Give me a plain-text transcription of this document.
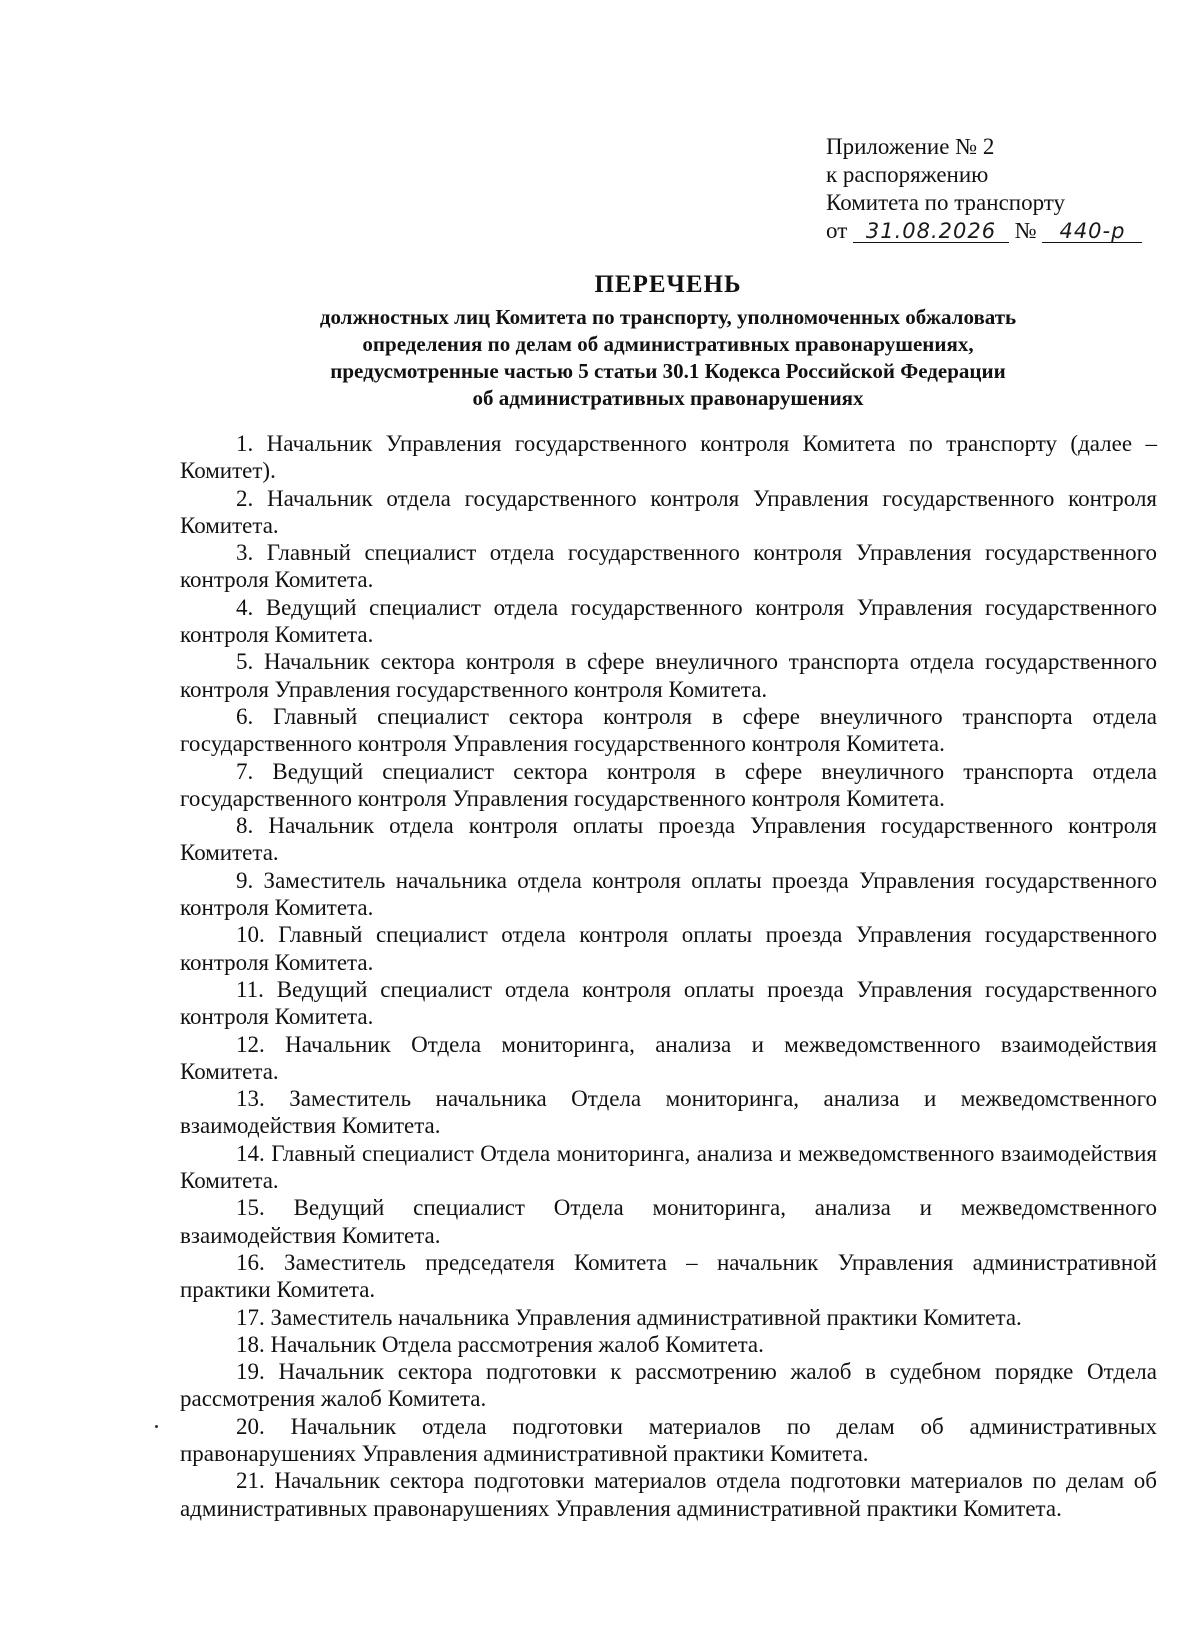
Приложение № 2
к распоряжению
Комитета по транспорту
от 31.08.2026 № 440-р
ПЕРЕЧЕНЬ
должностных лиц Комитета по транспорту, уполномоченных обжаловать
определения по делам об административных правонарушениях,
предусмотренные частью 5 статьи 30.1 Кодекса Российской Федерации
об административных правонарушениях

1. Начальник Управления государственного контроля Комитета по транспорту (далее – Комитет).

2. Начальник отдела государственного контроля Управления государственного контроля Комитета.

3. Главный специалист отдела государственного контроля Управления государственного контроля Комитета.

4. Ведущий специалист отдела государственного контроля Управления государственного контроля Комитета.

5. Начальник сектора контроля в сфере внеуличного транспорта отдела государственного контроля Управления государственного контроля Комитета.

6. Главный специалист сектора контроля в сфере внеуличного транспорта отдела государственного контроля Управления государственного контроля Комитета.

7. Ведущий специалист сектора контроля в сфере внеуличного транспорта отдела государственного контроля Управления государственного контроля Комитета.

8. Начальник отдела контроля оплаты проезда Управления государственного контроля Комитета.

9. Заместитель начальника отдела контроля оплаты проезда Управления государственного контроля Комитета.

10. Главный специалист отдела контроля оплаты проезда Управления государственного контроля Комитета.

11. Ведущий специалист отдела контроля оплаты проезда Управления государственного контроля Комитета.

12. Начальник Отдела мониторинга, анализа и межведомственного взаимодействия Комитета.

13. Заместитель начальника Отдела мониторинга, анализа и межведомственного взаимодействия Комитета.

14. Главный специалист Отдела мониторинга, анализа и межведомственного взаимодействия Комитета.

15. Ведущий специалист Отдела мониторинга, анализа и межведомственного взаимодействия Комитета.

16. Заместитель председателя Комитета – начальник Управления административной практики Комитета.

17. Заместитель начальника Управления административной практики Комитета.

18. Начальник Отдела рассмотрения жалоб Комитета.

19. Начальник сектора подготовки к рассмотрению жалоб в судебном порядке Отдела рассмотрения жалоб Комитета.

20. Начальник отдела подготовки материалов по делам об административных правонарушениях Управления административной практики Комитета.

21. Начальник сектора подготовки материалов отдела подготовки материалов по делам об административных правонарушениях Управления административной практики Комитета.
